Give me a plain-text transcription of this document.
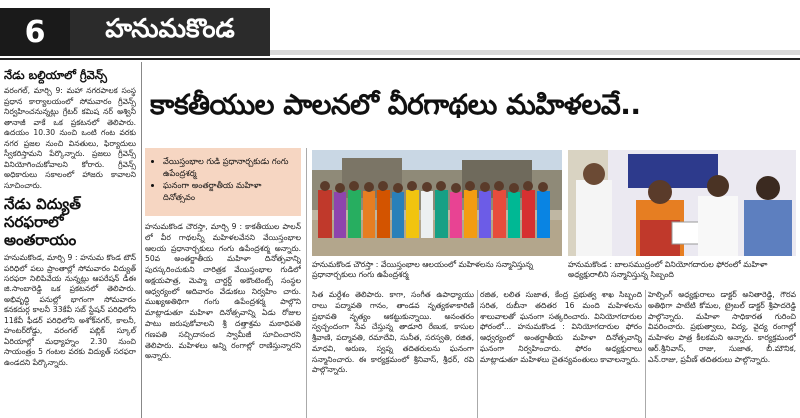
6	హనుమకొండ
నేడు బల్దియాలో గ్రీవెన్స్
వరంగల్‌, మార్చి 9: మహా నగరపాలక సంస్థ ప్రధాన కార్యాలయంలో సోమవారం గ్రీవెన్స్‌ నిర్వహించనున్నట్లు గ్రేటర్‌ కమిష నర్‌ అశ్వినీ తానాజీ వాకే ఒక ప్రకటనలో తెలిపారు. ఉదయం 10.30 నుంచి ఒంటి గంట వరకు నగర ప్రజల నుంచి వినతులు, ఫిర్యాదులు స్వీకరిస్తామని పేర్కొన్నారు. ప్రజలు గ్రీవెన్స్‌ వినియోగించుకోవాలని కోరారు. గ్రీవెన్స్‌ అధికారులు సకాలంలో హాజరు కావాలని సూచించారు.
నేడు విద్యుత్‌ సరఫరాలో
అంతరాయం
హనుమకొండ, మార్చి 9 : హనుమ కొండ టౌన్‌ పరిధిలో పలు ప్రాంతాల్లో సోమవారం విద్యుత్‌ సరఫరా నిలిపివేయ నున్నట్లు ఆపరేషన్‌ డీఈ జి.సాంబారెడ్డి ఒక ప్రకటనలో తెలిపారు. అభివృద్ధి పనుల్లో భాగంగా సోమవారం కనకదుర్గ కాలనీ 33కేవీ సబ్‌ స్టేషన్‌ పరిధిలోని 11కేవీ ఫీడర్‌ పరిధిలోని అశోక్‌నగర్‌, కాలనీ, హంటర్‌రోడ్డు, వరంగల్‌ పబ్లిక్‌ స్కూల్‌ ఏరియాల్లో మధ్యాహ్నం 2.30 నుంచి సాయంత్రం 5 గంటల వరకు విద్యుత్‌ సరఫరా ఉండదని పేర్కొన్నారు.
కాకతీయుల పాలనలో వీరగాథలు మహిళలవే..
• వేయిస్తంభాల గుడి ప్రధానార్చకుడు గంగు ఉపేంద్రశర్మ
• ఘనంగా అంతర్జాతీయ మహిళా దినోత్సవం
హనుమకొండ చౌరస్తా : వేయిస్తంభాల ఆలయంలో మహిళలను సన్మానిస్తున్న ప్రధానార్చకులు గంగు ఉపేంద్రశర్మ
హనుమకొండ : బాలసముద్రంలో వినియోగదారుల ఫోరంలో మహిళా అధ్యక్షురాలిని సన్మానిస్తున్న సిబ్బంది
హనుమకొండ చౌరస్తా, మార్చి 9 : కాకతీయుల పాలన్‌ లో వీర గాథలన్నీ మహిళలవేనని వేయిస్తంభాల ఆలయ ప్రధానార్చకులు గంగు ఉపేంద్రశర్మ అన్నారు. 50వ అంతర్జాతీయ మహిళా దినోత్సవాన్ని పురస్కరించుకుని చారిత్రక వేయిస్తంభాల గుడిలో అక్షయపాత్ర, మెప్మా చార్టర్డ్‌ అకౌంటెంట్స్‌ సంస్థల ఆధ్వర్యంలో ఆదివారం వేడుకలు నిర్వహిం చారు. ముఖ్యఅతిథిగా గంగు ఉపేంద్రశర్మ పాల్గొని మాట్లాడుతూ మహిళా దినోత్సవాన్ని ఏడు రోజుల పాటు జరుపుకోవాలని శ్రీ దత్తాశ్రమ మఠాధిపతి గణపతి సచ్చిదానంద స్వామీజీ సూచించారని తెలిపారు. మహిళలు అన్ని రంగాల్లో రాణిస్తున్నారని అన్నారు.
సిత మర్దేశం తెలిపారు. కాగా, సంగీత ఉపాధ్యాయు రాలు పద్మావతి గానం, తాండవ నృత్యకళాకారిణి ప్రభావతి నృత్యం ఆకట్టుకున్నాయి. అనంతరం స్వచ్ఛందంగా సేవ చేస్తున్న తాడూరి రేణుక, కాసుల శ్రీవాణి, పద్మావతి, రమాదేవి, సునీత, సరస్వతి, రజిత, మాధవి, అరుణ, స్వప్న తదితరులను ఘనంగా సన్మానించారు. ఈ కార్యక్రమంలో శ్రీనివాస్‌, శ్రీధర్‌, రవి పాల్గొన్నారు.
రజిత, లలిత సుజాత, కేంద్ర ప్రభుత్వ శాఖ సిబ్బంది సరిత, రుబీనా తదితర 16 మంది మహిళలను శాలువాలతో ఘనంగా సత్కరించారు. వినియోగదారుల ఫోరంలో... హనుమకొండ : వినియోగదారుల ఫోరం ఆధ్వర్యంలో అంతర్జాతీయ మహిళా దినోత్సవాన్ని ఘనంగా నిర్వహించారు. ఫోరం అధ్యక్షురాలు మాట్లాడుతూ మహిళలు చైతన్యవంతులు కావాలన్నారు.
హెల్పింగ్‌ అధ్యక్షురాలు డాక్టర్‌ అనితారెడ్డి, గౌరవ అతిథిగా పాటేటి కోమల, ట్రైబల్‌ డాక్టర్‌ శ్రీపాదరెడ్డి పాల్గొన్నారు. మహిళా సాధికారత గురించి వివరించారు. ప్రభుత్వాలు, విద్య, వైద్య రంగాల్లో మహిళల పాత్ర కీలకమని అన్నారు. కార్యక్రమంలో ఆర్‌.శ్రీనివాస్‌, రాజు, సుజాత, బీ.మౌనిక, ఎన్‌.రాజు, ప్రవీణ్‌ తదితరులు పాల్గొన్నారు.
